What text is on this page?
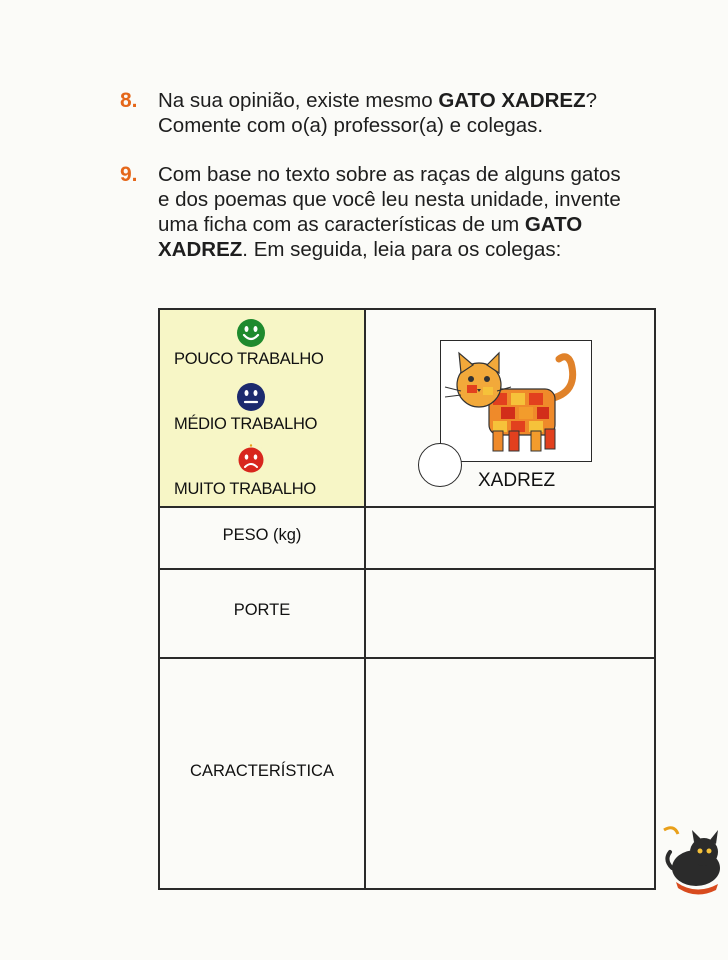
8. Na sua opinião, existe mesmo GATO XADREZ?
Comente com o(a) professor(a) e colegas.
9. Com base no texto sobre as raças de alguns gatos
e dos poemas que você leu nesta unidade, invente
uma ficha com as características de um GATO
XADREZ. Em seguida, leia para os colegas:
POUCO TRABALHO
MÉDIO TRABALHO
MUITO TRABALHO	XADREZ
PESO (kg)
PORTE
CARACTERÍSTICA
